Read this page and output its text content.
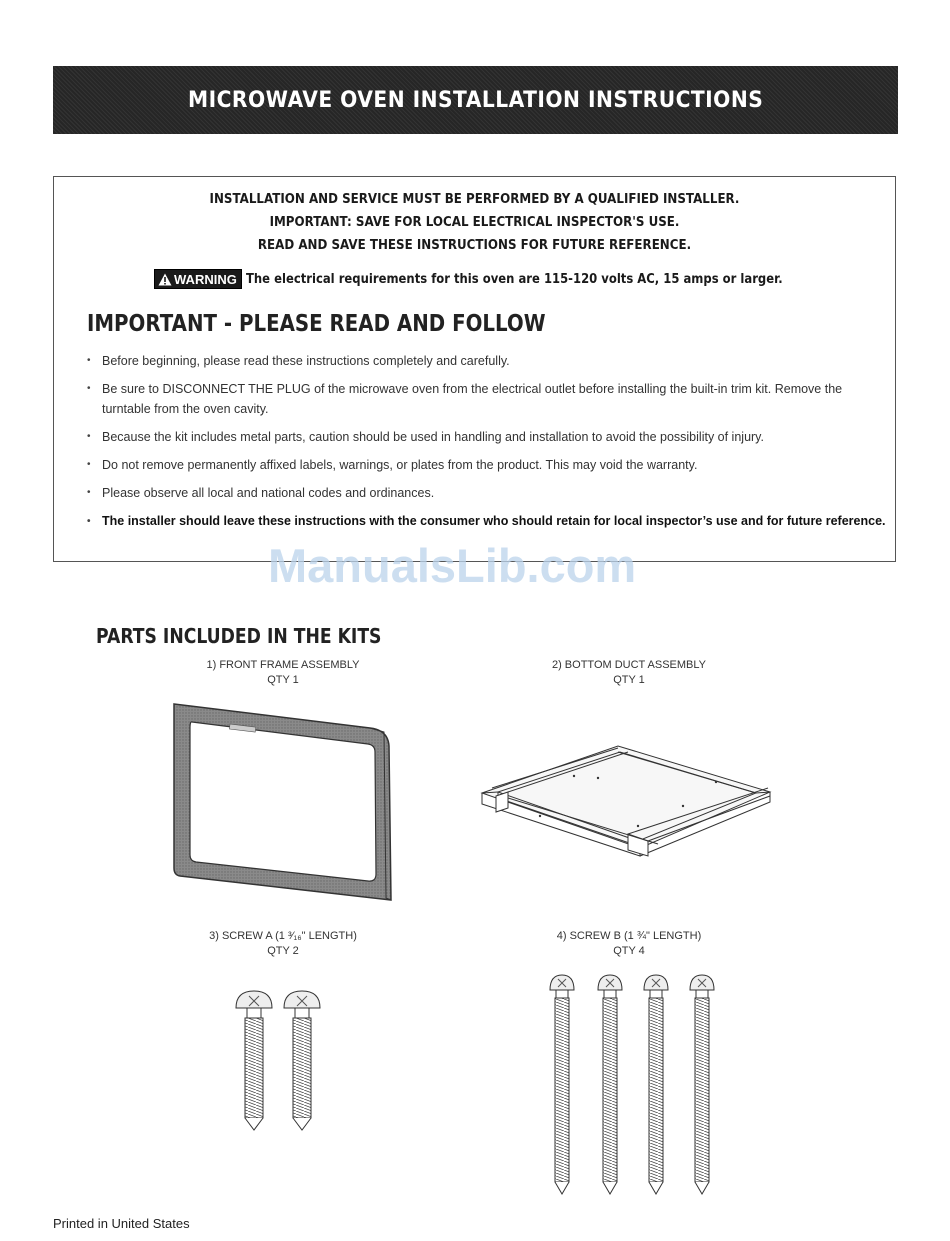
MICROWAVE OVEN INSTALLATION INSTRUCTIONS
INSTALLATION AND SERVICE MUST BE PERFORMED BY A QUALIFIED INSTALLER.
IMPORTANT: SAVE FOR LOCAL ELECTRICAL INSPECTOR'S USE.
READ AND SAVE THESE INSTRUCTIONS FOR FUTURE REFERENCE.
WARNING The electrical requirements for this oven are 115-120 volts AC, 15 amps or larger.
IMPORTANT - PLEASE READ AND FOLLOW
• Before beginning, please read these instructions completely and carefully.
• Be sure to DISCONNECT THE PLUG of the microwave oven from the electrical outlet before installing the built-in trim kit. Remove the turntable from the oven cavity.
• Because the kit includes metal parts, caution should be used in handling and installation to avoid the possibility of injury.
• Do not remove permanently affixed labels, warnings, or plates from the product. This may void the warranty.
• Please observe all local and national codes and ordinances.
• The installer should leave these instructions with the consumer who should retain for local inspector’s use and for future reference.
ManualsLib.com
PARTS INCLUDED IN THE KITS
1) FRONT FRAME ASSEMBLY
QTY 1
2) BOTTOM DUCT ASSEMBLY
QTY 1
3) SCREW A (1 ³⁄₁₆" LENGTH)
QTY 2
4) SCREW B (1 ¾" LENGTH)
QTY 4
Printed in United States
